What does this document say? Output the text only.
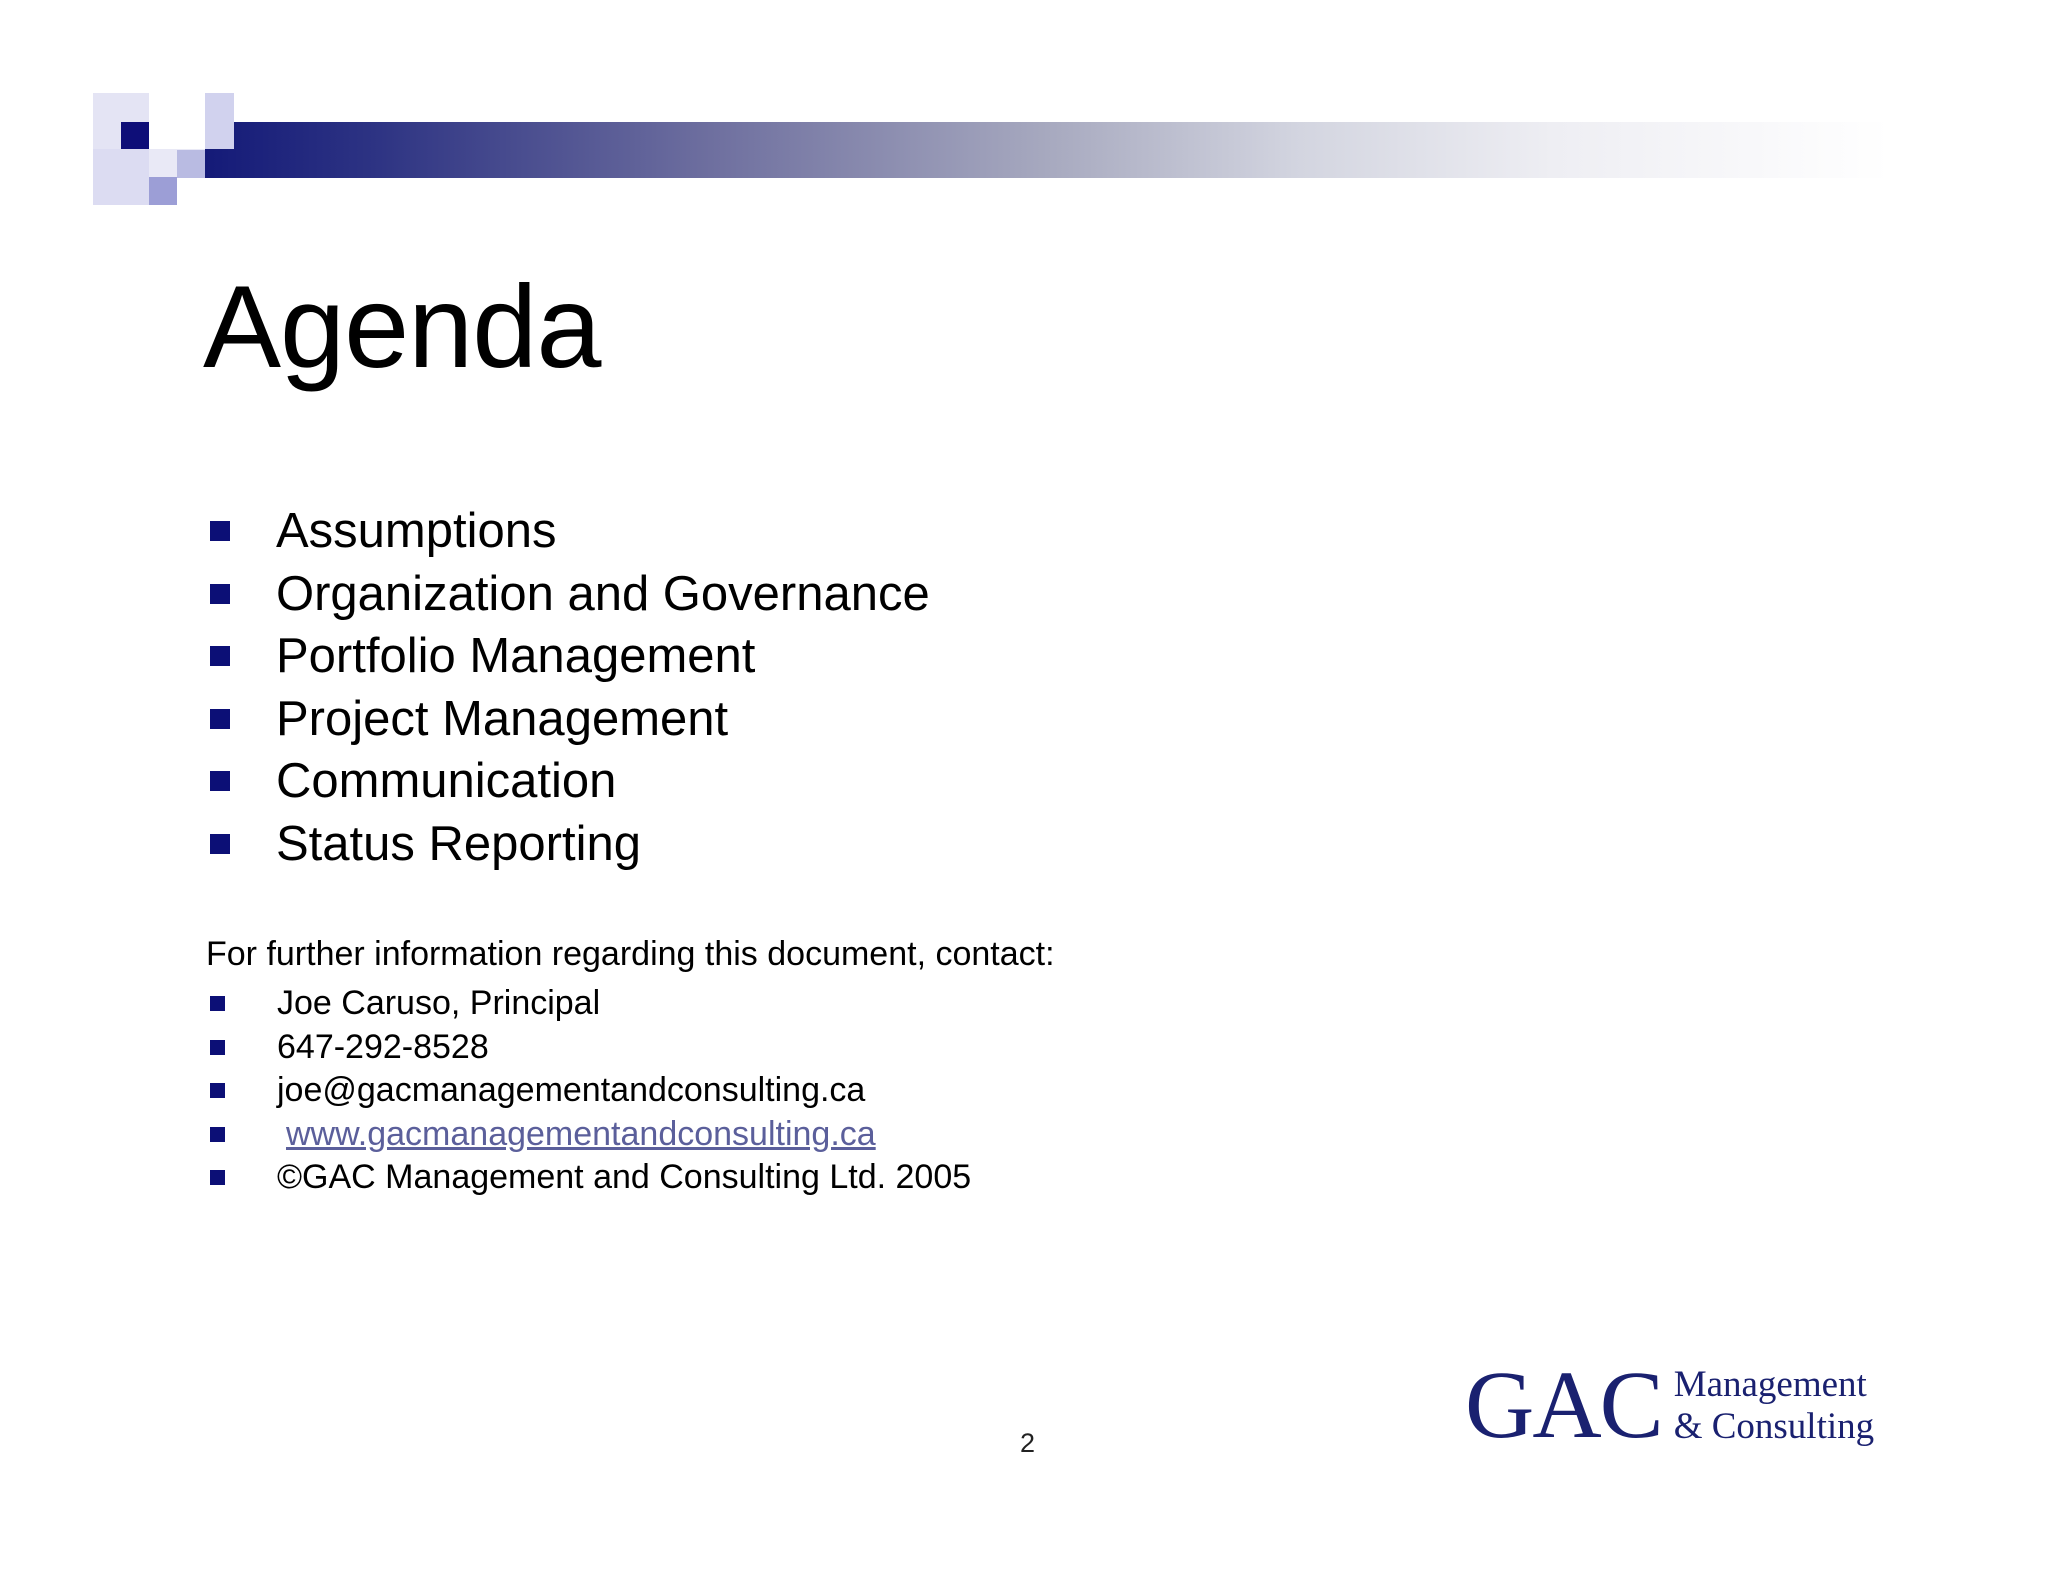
Agenda
Assumptions
Organization and Governance
Portfolio Management
Project Management
Communication
Status Reporting

For further information regarding this document, contact:

Joe Caruso, Principal
647-292-8528
joe@gacmanagementandconsulting.ca
www.gacmanagementandconsulting.ca
©GAC Management and Consulting Ltd. 2005
2	GAC Management
& Consulting
